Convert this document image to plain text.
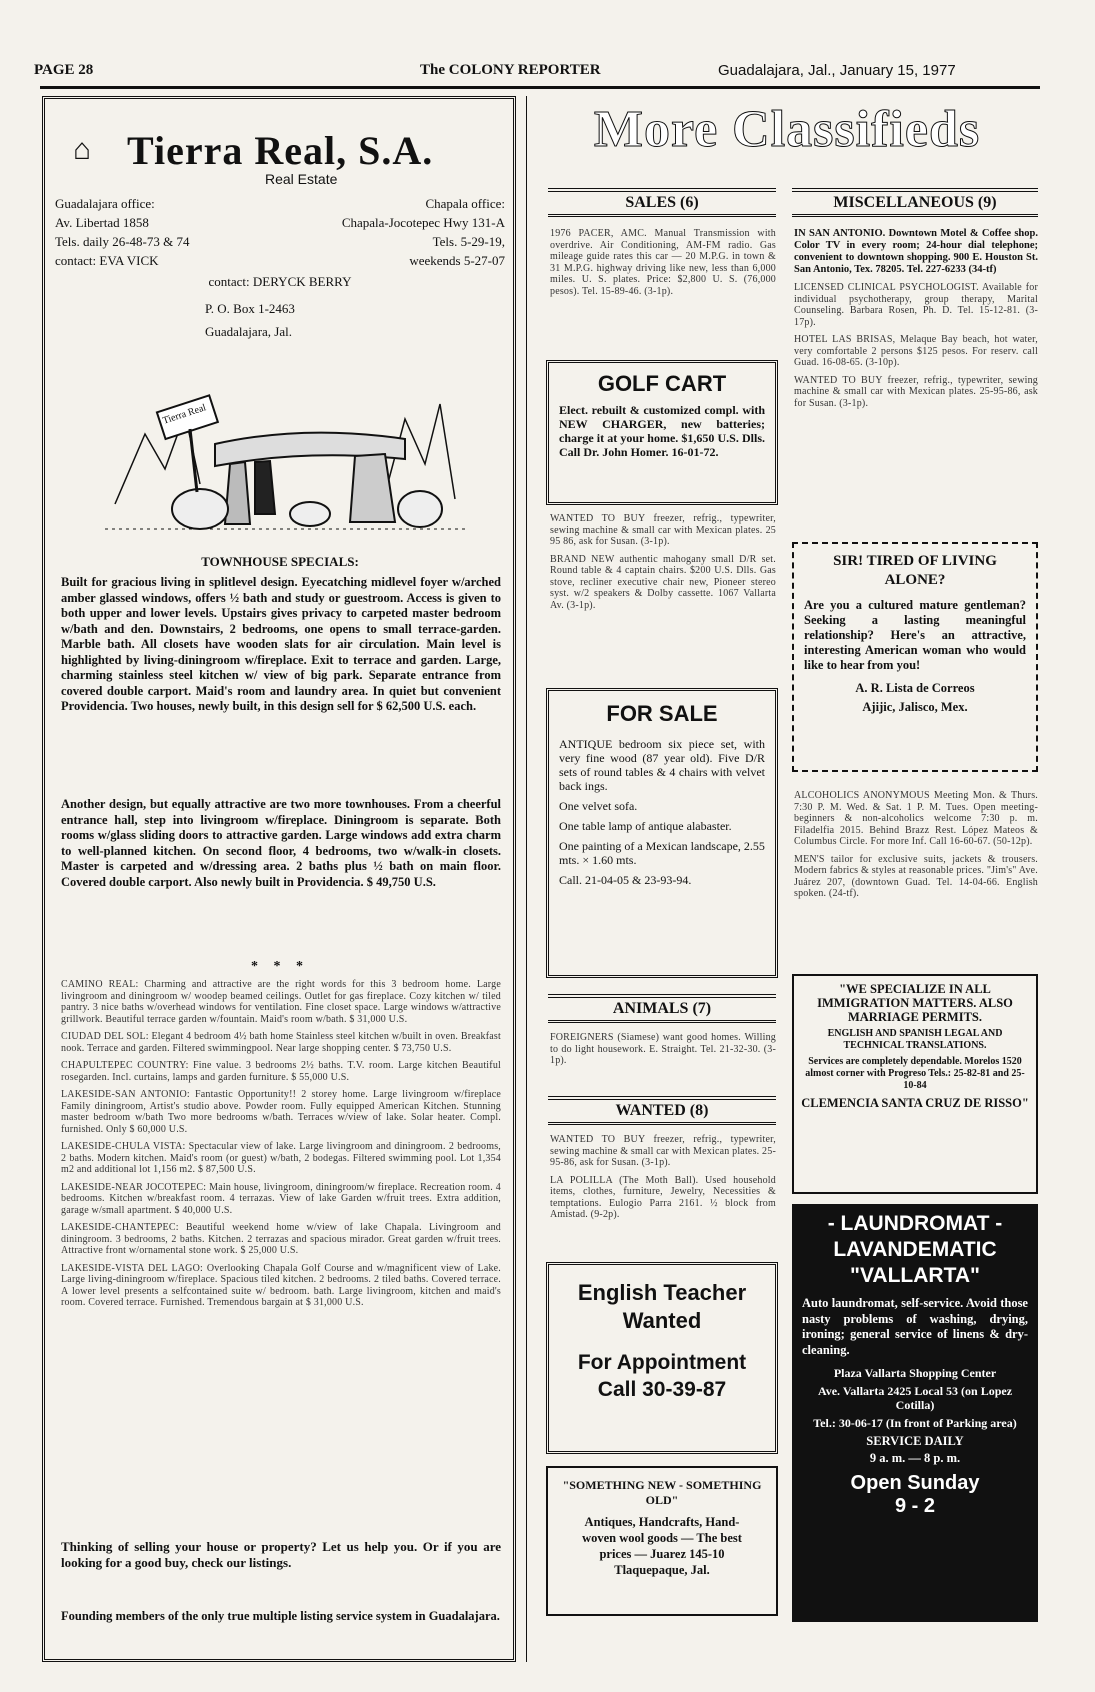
PAGE 28	The COLONY REPORTER	Guadalajara, Jal., January 15, 1977
⌂ Tierra Real, S.A.
Real Estate
Guadalajara office:	Chapala office:
Av. Libertad 1858	Chapala-Jocotepec Hwy 131-A
Tels. daily 26-48-73 & 74	Tels. 5-29-19,
contact: EVA VICK	weekends 5-27-07
contact: DERYCK BERRY
P. O. Box 1-2463
Guadalajara, Jal.
Tierra Real
TOWNHOUSE SPECIALS:
Built for gracious living in splitlevel design. Eyecatching midlevel foyer w/arched amber glassed windows, offers ½ bath and study or guestroom. Access is given to both upper and lower levels. Upstairs gives privacy to carpeted master bedroom w/bath and den. Downstairs, 2 bedrooms, one opens to small terrace-garden. Marble bath. All closets have wooden slats for air circulation. Main level is highlighted by living-diningroom w/fireplace. Exit to terrace and garden. Large, charming stainless steel kitchen w/ view of big park. Separate entrance from covered double carport. Maid's room and laundry area. In quiet but convenient Providencia. Two houses, newly built, in this design sell for $ 62,500 U.S. each.
Another design, but equally attractive are two more townhouses. From a cheerful entrance hall, step into livingroom w/fireplace. Diningroom is separate. Both rooms w/glass sliding doors to attractive garden. Large windows add extra charm to well-planned kitchen. On second floor, 4 bedrooms, two w/walk-in closets. Master is carpeted and w/dressing area. 2 baths plus ½ bath on main floor. Covered double carport. Also newly built in Providencia. $ 49,750 U.S.
* * *

CAMINO REAL: Charming and attractive are the right words for this 3 bedroom home. Large livingroom and diningroom w/ woodep beamed ceilings. Outlet for gas fireplace. Cozy kitchen w/ tiled pantry. 3 nice baths w/overhead windows for ventilation. Fine closet space. Large windows w/attractive grillwork. Beautiful terrace garden w/fountain. Maid's room w/bath. $ 31,000 U.S.

CIUDAD DEL SOL: Elegant 4 bedroom 4½ bath home Stainless steel kitchen w/built in oven. Breakfast nook. Terrace and garden. Filtered swimmingpool. Near large shopping center. $ 73,750 U.S.

CHAPULTEPEC COUNTRY: Fine value. 3 bedrooms 2½ baths. T.V. room. Large kitchen Beautiful rosegarden. Incl. curtains, lamps and garden furniture. $ 55,000 U.S.

LAKESIDE-SAN ANTONIO: Fantastic Opportunity!! 2 storey home. Large livingroom w/fireplace Family diningroom, Artist's studio above. Powder room. Fully equipped American Kitchen. Stunning master bedroom w/bath Two more bedrooms w/bath. Terraces w/view of lake. Solar heater. Compl. furnished. Only $ 60,000 U.S.

LAKESIDE-CHULA VISTA: Spectacular view of lake. Large livingroom and diningroom. 2 bedrooms, 2 baths. Modern kitchen. Maid's room (or guest) w/bath, 2 bodegas. Filtered swimming pool. Lot 1,354 m2 and additional lot 1,156 m2. $ 87,500 U.S.

LAKESIDE-NEAR JOCOTEPEC: Main house, livingroom, diningroom/w fireplace. Recreation room. 4 bedrooms. Kitchen w/breakfast room. 4 terrazas. View of lake Garden w/fruit trees. Extra addition, garage w/small apartment. $ 40,000 U.S.

LAKESIDE-CHANTEPEC: Beautiful weekend home w/view of lake Chapala. Livingroom and diningroom. 3 bedrooms, 2 baths. Kitchen. 2 terrazas and spacious mirador. Great garden w/fruit trees. Attractive front w/ornamental stone work. $ 25,000 U.S.

LAKESIDE-VISTA DEL LAGO: Overlooking Chapala Golf Course and w/magnificent view of Lake. Large living-diningroom w/fireplace. Spacious tiled kitchen. 2 bedrooms. 2 tiled baths. Covered terrace. A lower level presents a selfcontained suite w/ bedroom. bath. Large livingroom, kitchen and maid's room. Covered terrace. Furnished. Tremendous bargain at $ 31,000 U.S.

Thinking of selling your house or property? Let us help you. Or if you are looking for a good buy, check our listings.
Founding members of the only true multiple listing service system in Guadalajara.
More Classifieds
SALES (6)

1976 PACER, AMC. Manual Transmission with overdrive. Air Conditioning, AM-FM radio. Gas mileage guide rates this car — 20 M.P.G. in town & 31 M.P.G. highway driving like new, less than 6,000 miles. U. S. plates. Price: $2,800 U. S. (76,000 pesos). Tel. 15-89-46. (3-1p).

GOLF CART
Elect. rebuilt & customized compl. with NEW CHARGER, new batteries; charge it at your home. $1,650 U.S. Dlls. Call Dr. John Homer. 16-01-72.

WANTED TO BUY freezer, refrig., typewriter, sewing machine & small car with Mexican plates. 25 95 86, ask for Susan. (3-1p).

BRAND NEW authentic mahogany small D/R set. Round table & 4 captain chairs. $200 U.S. Dlls. Gas stove, recliner executive chair new, Pioneer stereo syst. w/2 speakers & Dolby cassette. 1067 Vallarta Av. (3-1p).

FOR SALE

ANTIQUE bedroom six piece set, with very fine wood (87 year old). Five D/R sets of round tables & 4 chairs with velvet back ings.

One velvet sofa.

One table lamp of antique alabaster.

One painting of a Mexican landscape, 2.55 mts. × 1.60 mts.

Call. 21-04-05 & 23-93-94.

ANIMALS (7)

FOREIGNERS (Siamese) want good homes. Willing to do light housework. E. Straight. Tel. 21-32-30. (3-1p).

WANTED (8)

WANTED TO BUY freezer, refrig., typewriter, sewing machine & small car with Mexican plates. 25-95-86, ask for Susan. (3-1p).

LA POLILLA (The Moth Ball). Used household items, clothes, furniture, Jewelry, Necessities & temptations. Eulogio Parra 2161. ½ block from Amistad. (9-2p).

English Teacher Wanted
For Appointment Call 30-39-87
"SOMETHING NEW - SOMETHING OLD"
Antiques, Handcrafts, Hand-woven wool goods — The best prices — Juarez 145-10 Tlaquepaque, Jal.
MISCELLANEOUS (9)

IN SAN ANTONIO. Downtown Motel & Coffee shop. Color TV in every room; 24-hour dial telephone; convenient to downtown shopping. 900 E. Houston St. San Antonio, Tex. 78205. Tel. 227-6233 (34-tf)

LICENSED CLINICAL PSYCHOLOGIST. Available for individual psychotherapy, group therapy, Marital Counseling. Barbara Rosen, Ph. D. Tel. 15-12-81. (3-17p).

HOTEL LAS BRISAS, Melaque Bay beach, hot water, very comfortable 2 persons $125 pesos. For reserv. call Guad. 16-08-65. (3-10p).

WANTED TO BUY freezer, refrig., typewriter, sewing machine & small car with Mexican plates. 25-95-86, ask for Susan. (3-1p).

SIR! TIRED OF LIVING ALONE?
Are you a cultured mature gentleman? Seeking a lasting meaningful relationship? Here's an attractive, interesting American woman who would like to hear from you!
A. R. Lista de Correos
Ajijic, Jalisco, Mex.

ALCOHOLICS ANONYMOUS Meeting Mon. & Thurs. 7:30 P. M. Wed. & Sat. 1 P. M. Tues. Open meeting-beginners & non-alcoholics welcome 7:30 p. m. Filadelfia 2015. Behind Brazz Rest. López Mateos & Columbus Circle. For more Inf. Call 16-60-67. (50-12p).

MEN'S tailor for exclusive suits, jackets & trousers. Modern fabrics & styles at reasonable prices. "Jim's" Ave. Juárez 207, (downtown Guad. Tel. 14-04-66. English spoken. (24-tf).

"WE SPECIALIZE IN ALL IMMIGRATION MATTERS. ALSO MARRIAGE PERMITS.
ENGLISH AND SPANISH LEGAL AND TECHNICAL TRANSLATIONS.
Services are completely dependable. Morelos 1520 almost corner with Progreso Tels.: 25-82-81 and 25-10-84
CLEMENCIA SANTA CRUZ DE RISSO"
- LAUNDROMAT -
LAVANDEMATIC
"VALLARTA"
Auto laundromat, self-service. Avoid those nasty problems of washing, drying, ironing; general service of linens & dry-cleaning.
Plaza Vallarta Shopping Center
Ave. Vallarta 2425 Local 53 (on Lopez Cotilla)
Tel.: 30-06-17 (In front of Parking area)
SERVICE DAILY
9 a. m. — 8 p. m.
Open Sunday
9 - 2
